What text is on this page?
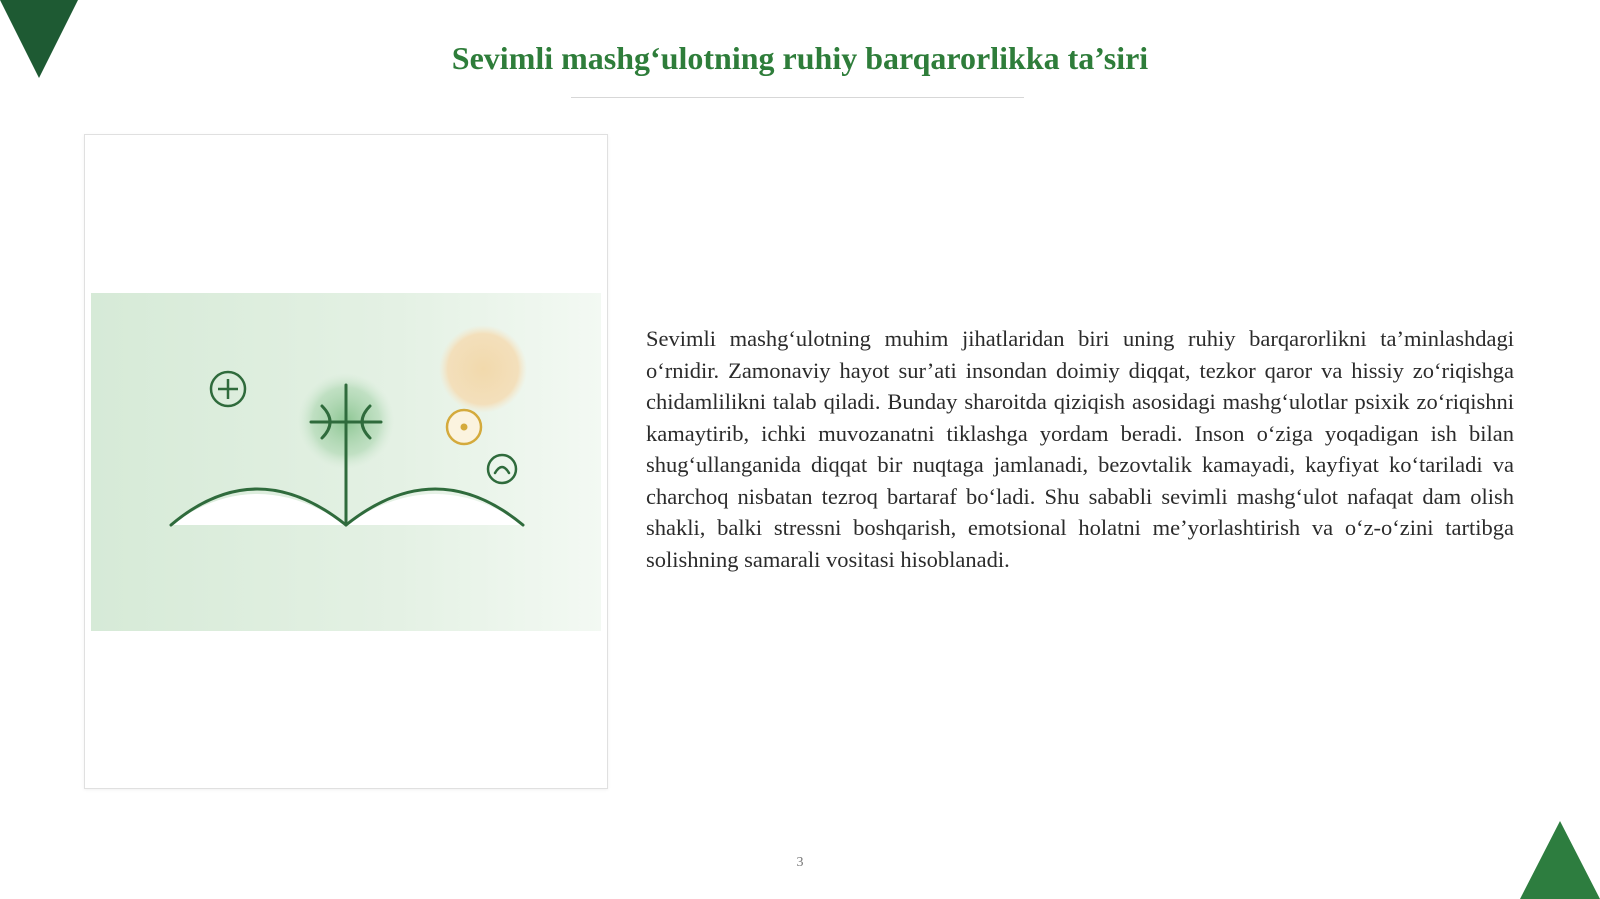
Sevimli mashg‘ulotning ruhiy barqarorlikka ta’siri

Sevimli mashg‘ulotning muhim jihatlaridan biri uning ruhiy barqarorlikni ta’minlashdagi o‘rnidir. Zamonaviy hayot sur’ati insondan doimiy diqqat, tezkor qaror va hissiy zo‘riqishga chidamlilikni talab qiladi. Bunday sharoitda qiziqish asosidagi mashg‘ulotlar psixik zo‘riqishni kamaytirib, ichki muvozanatni tiklashga yordam beradi. Inson o‘ziga yoqadigan ish bilan shug‘ullanganida diqqat bir nuqtaga jamlanadi, bezovtalik kamayadi, kayfiyat ko‘tariladi va charchoq nisbatan tezroq bartaraf bo‘ladi. Shu sababli sevimli mashg‘ulot nafaqat dam olish shakli, balki stressni boshqarish, emotsional holatni me’yorlashtirish va o‘z-o‘zini tartibga solishning samarali vositasi hisoblanadi.

3
